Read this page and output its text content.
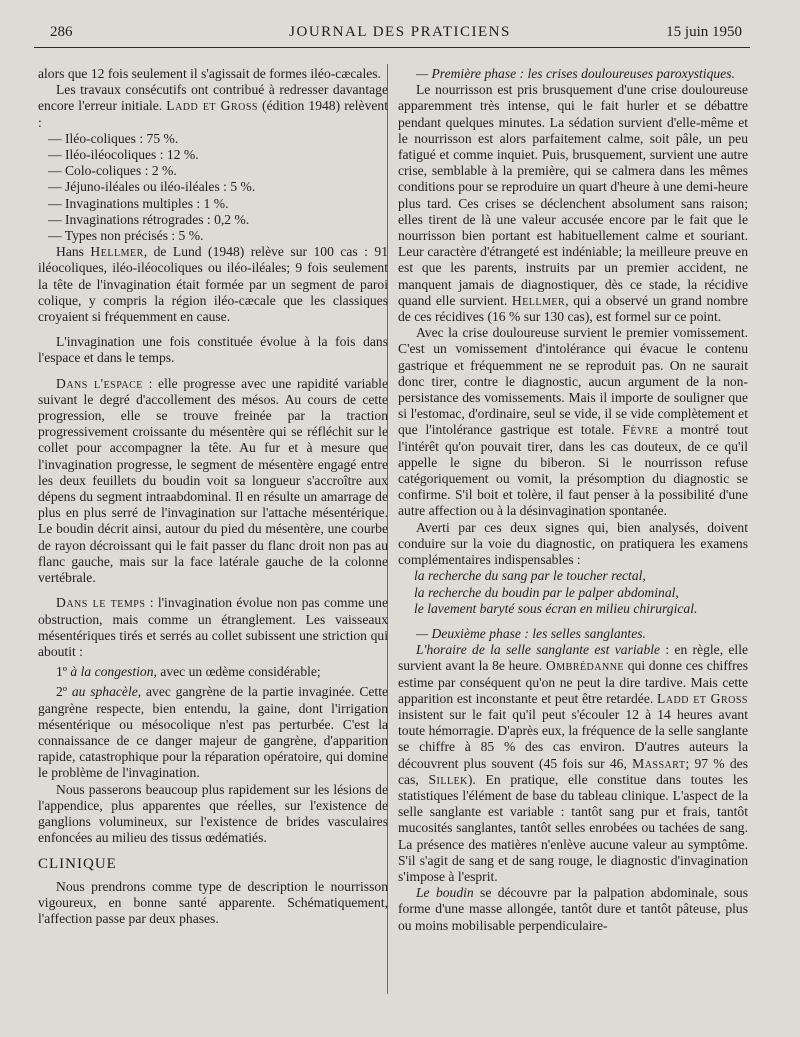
286	JOURNAL DES PRATICIENS	15 juin 1950

alors que 12 fois seulement il s'agissait de formes iléo-cæcales.

Les travaux consécutifs ont contribué à redresser davantage encore l'erreur initiale. Ladd et Gross (édition 1948) relèvent :

— Iléo-coliques : 75 %.

— Iléo-iléocoliques : 12 %.

— Colo-coliques : 2 %.

— Jéjuno-iléales ou iléo-iléales : 5 %.

— Invaginations multiples : 1 %.

— Invaginations rétrogrades : 0,2 %.

— Types non précisés : 5 %.

Hans Hellmer, de Lund (1948) relève sur 100 cas : 91 iléocoliques, iléo-iléocoliques ou iléo-iléales; 9 fois seulement la tête de l'invagination était formée par un segment de paroi colique, y compris la région iléo-cæcale que les classiques croyaient si fréquemment en cause.

L'invagination une fois constituée évolue à la fois dans l'espace et dans le temps.

Dans l'espace : elle progresse avec une rapidité variable suivant le degré d'accollement des mésos. Au cours de cette progression, elle se trouve freinée par la traction progressivement croissante du mésentère qui se réfléchit sur le collet pour accompagner la tête. Au fur et à mesure que l'invagination progresse, le segment de mésentère engagé entre les deux feuillets du boudin voit sa longueur s'accroître aux dépens du segment intraabdominal. Il en résulte un amarrage de plus en plus serré de l'invagination sur l'attache mésentérique. Le boudin décrit ainsi, autour du pied du mésentère, une courbe de rayon décroissant qui le fait passer du flanc droit non pas au flanc gauche, mais sur la face latérale gauche de la colonne vertébrale.

Dans le temps : l'invagination évolue non pas comme une obstruction, mais comme un étranglement. Les vaisseaux mésentériques tirés et serrés au collet subissent une striction qui aboutit :

1º à la congestion, avec un œdème considérable;

2º au sphacèle, avec gangrène de la partie invaginée. Cette gangrène respecte, bien entendu, la gaine, dont l'irrigation mésentérique ou mésocolique n'est pas perturbée. C'est la connaissance de ce danger majeur de gangrène, d'apparition rapide, catastrophique pour la réparation opératoire, qui domine le problème de l'invagination.

Nous passerons beaucoup plus rapidement sur les lésions de l'appendice, plus apparentes que réelles, sur l'existence de ganglions volumineux, sur l'existence de brides vasculaires enfoncées au milieu des tissus œdématiés.

CLINIQUE

Nous prendrons comme type de description le nourrisson vigoureux, en bonne santé apparente. Schématiquement, l'affection passe par deux phases.

— Première phase : les crises douloureuses paroxystiques.

Le nourrisson est pris brusquement d'une crise douloureuse apparemment très intense, qui le fait hurler et se débattre pendant quelques minutes. La sédation survient d'elle-même et le nourrisson est alors parfaitement calme, soit pâle, un peu fatigué et comme inquiet. Puis, brusquement, survient une autre crise, semblable à la première, qui se calmera dans les mêmes conditions pour se reproduire un quart d'heure à une demi-heure plus tard. Ces crises se déclenchent absolument sans raison; elles tirent de là une valeur accusée encore par le fait que le nourrisson bien portant est habituellement calme et souriant. Leur caractère d'étrangeté est indéniable; la meilleure preuve en est que les parents, instruits par un premier accident, ne manquent jamais de diagnostiquer, dès ce stade, la récidive quand elle survient. Hellmer, qui a observé un grand nombre de ces récidives (16 % sur 130 cas), est formel sur ce point.

Avec la crise douloureuse survient le premier vomissement. C'est un vomissement d'intolérance qui évacue le contenu gastrique et fréquemment ne se reproduit pas. On ne saurait donc tirer, contre le diagnostic, aucun argument de la non-persistance des vomissements. Mais il importe de souligner que si l'estomac, d'ordinaire, seul se vide, il se vide complètement et que l'intolérance gastrique est totale. Fèvre a montré tout l'intérêt qu'on pouvait tirer, dans les cas douteux, de ce qu'il appelle le signe du biberon. Si le nourrisson refuse catégoriquement ou vomit, la présomption du diagnostic se confirme. S'il boit et tolère, il faut penser à la possibilité d'une autre affection ou à la désinvagination spontanée.

Averti par ces deux signes qui, bien analysés, doivent conduire sur la voie du diagnostic, on pratiquera les examens complémentaires indispensables :

la recherche du sang par le toucher rectal,

la recherche du boudin par le palper abdominal,

le lavement baryté sous écran en milieu chirurgical.

— Deuxième phase : les selles sanglantes.

L'horaire de la selle sanglante est variable : en règle, elle survient avant la 8e heure. Ombrédanne qui donne ces chiffres estime par conséquent qu'on ne peut la dire tardive. Mais cette apparition est inconstante et peut être retardée. Ladd et Gross insistent sur le fait qu'il peut s'écouler 12 à 14 heures avant toute hémorragie. D'après eux, la fréquence de la selle sanglante se chiffre à 85 % des cas environ. D'autres auteurs la découvrent plus souvent (45 fois sur 46, Massart; 97 % des cas, Sillek). En pratique, elle constitue dans toutes les statistiques l'élément de base du tableau clinique. L'aspect de la selle sanglante est variable : tantôt sang pur et frais, tantôt mucosités sanglantes, tantôt selles enrobées ou tachées de sang. La présence des matières n'enlève aucune valeur au symptôme. S'il s'agit de sang et de sang rouge, le diagnostic d'invagination s'impose à l'esprit.

Le boudin se découvre par la palpation abdominale, sous forme d'une masse allongée, tantôt dure et tantôt pâteuse, plus ou moins mobilisable perpendiculaire-
